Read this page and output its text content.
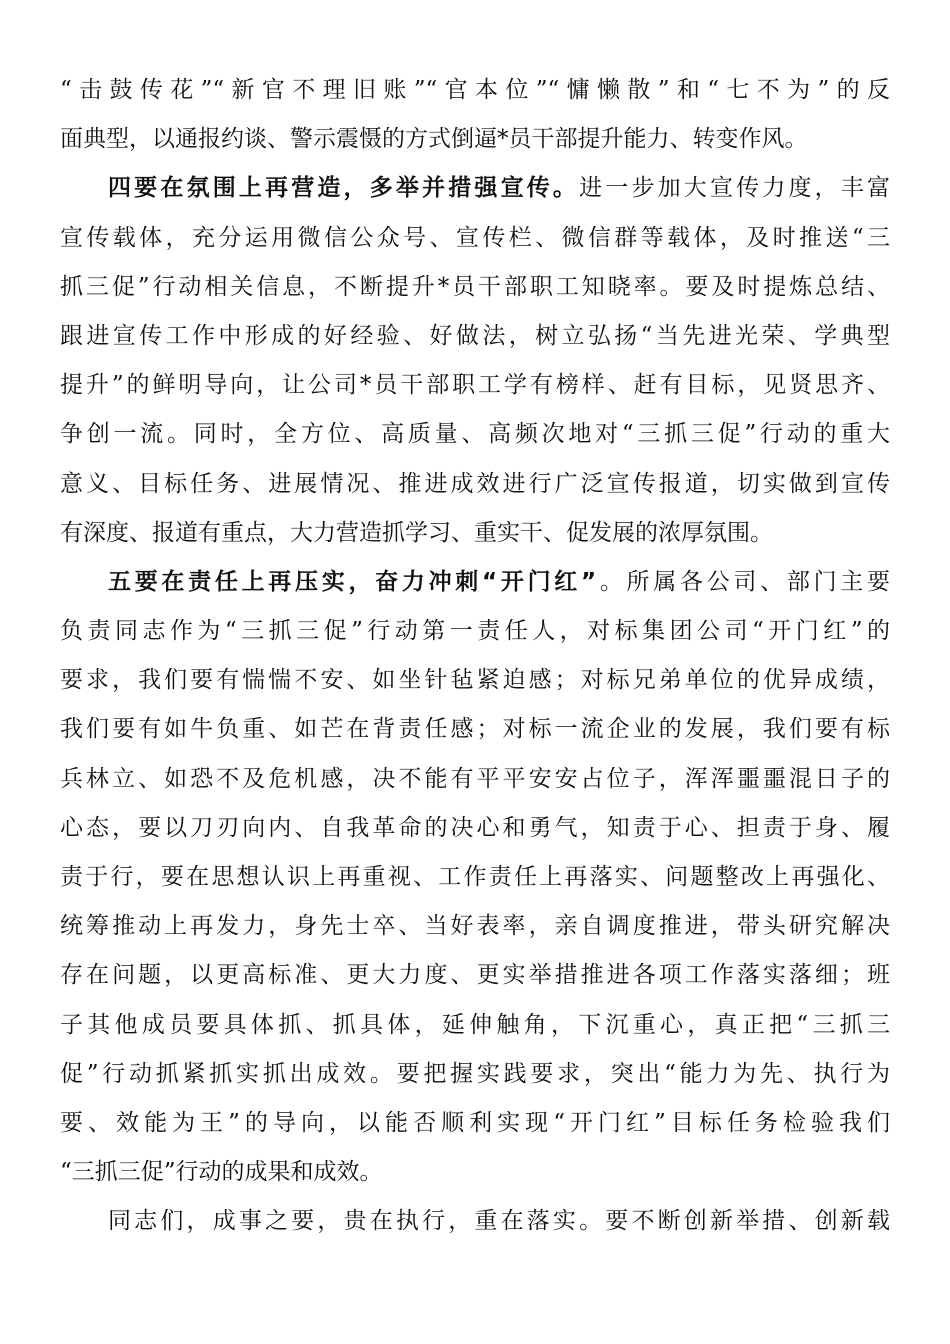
“击鼓传花”“新官不理旧账”“官本位”“慵懒散”和“七不为”的反
面典型，以通报约谈、警示震慑的方式倒逼*员干部提升能力、转变作风。
四要在氛围上再营造，多举并措强宣传。进一步加大宣传力度，丰富
宣传载体，充分运用微信公众号、宣传栏、微信群等载体，及时推送“三
抓三促”行动相关信息，不断提升*员干部职工知晓率。要及时提炼总结、
跟进宣传工作中形成的好经验、好做法，树立弘扬“当先进光荣、学典型
提升”的鲜明导向，让公司*员干部职工学有榜样、赶有目标，见贤思齐、
争创一流。同时，全方位、高质量、高频次地对“三抓三促”行动的重大
意义、目标任务、进展情况、推进成效进行广泛宣传报道，切实做到宣传
有深度、报道有重点，大力营造抓学习、重实干、促发展的浓厚氛围。
五要在责任上再压实，奋力冲刺“开门红”。所属各公司、部门主要
负责同志作为“三抓三促”行动第一责任人，对标集团公司“开门红”的
要求，我们要有惴惴不安、如坐针毡紧迫感；对标兄弟单位的优异成绩，
我们要有如牛负重、如芒在背责任感；对标一流企业的发展，我们要有标
兵林立、如恐不及危机感，决不能有平平安安占位子，浑浑噩噩混日子的
心态，要以刀刃向内、自我革命的决心和勇气，知责于心、担责于身、履
责于行，要在思想认识上再重视、工作责任上再落实、问题整改上再强化、
统筹推动上再发力，身先士卒、当好表率，亲自调度推进，带头研究解决
存在问题，以更高标准、更大力度、更实举措推进各项工作落实落细；班
子其他成员要具体抓、抓具体，延伸触角，下沉重心，真正把“三抓三
促”行动抓紧抓实抓出成效。要把握实践要求，突出“能力为先、执行为
要、效能为王”的导向，以能否顺利实现“开门红”目标任务检验我们
“三抓三促”行动的成果和成效。
同志们，成事之要，贵在执行，重在落实。要不断创新举措、创新载
